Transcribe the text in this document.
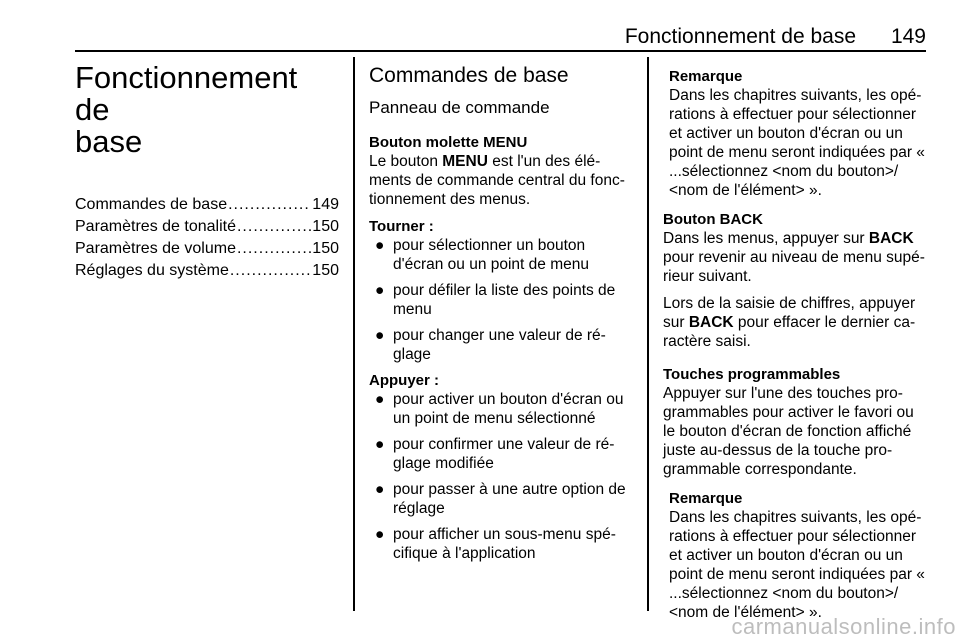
Fonctionnement de base 149
Fonctionnement de
base
Commandes de base .....	149
Paramètres de tonalité .....	150
Paramètres de volume .....	150
Réglages du système .....	150
Commandes de base
Panneau de commande
Bouton molette MENU

Le bouton MENU est l'un des élé-ments de commande central du fonc-tionnement des menus.

Tourner :
● pour sélectionner un bouton d'écran ou un point de menu
● pour défiler la liste des points de menu
● pour changer une valeur de ré-glage
Appuyer :
● pour activer un bouton d'écran ou un point de menu sélectionné
● pour confirmer une valeur de ré-glage modifiée
● pour passer à une autre option de réglage
● pour afficher un sous-menu spé-cifique à l'application
Remarque
Dans les chapitres suivants, les opé-rations à effectuer pour sélectionner et activer un bouton d'écran ou un point de menu seront indiquées par « ...sélectionnez <nom du bouton>/ <nom de l'élément> ».
Bouton BACK

Dans les menus, appuyer sur BACK pour revenir au niveau de menu supé-rieur suivant.

Lors de la saisie de chiffres, appuyer sur BACK pour effacer le dernier ca-ractère saisi.

Touches programmables

Appuyer sur l'une des touches pro-grammables pour activer le favori ou le bouton d'écran de fonction affiché juste au-dessus de la touche pro-grammable correspondante.

Remarque
Dans les chapitres suivants, les opé-rations à effectuer pour sélectionner et activer un bouton d'écran ou un point de menu seront indiquées par « ...sélectionnez <nom du bouton>/ <nom de l'élément> ».
carmanualsonline.info
